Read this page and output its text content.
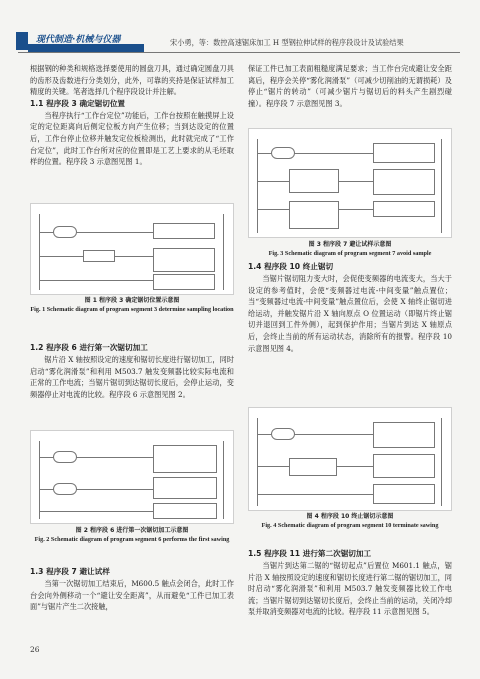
现代制造·机械与仪器	宋小勇，等：数控高速锯床加工 H 型钢拉伸试样的程序段设计及试验结果

根据钢的种类和规格选择要使用的圆盘刀具，通过确定圆盘刀具的齿形及齿数进行分类划分，此外，可靠的夹持是保证试样加工精度的关键。笔者选择几个程序段设计并注解。

1.1 程序段 3 确定锯切位置

当程序执行“工作台定位”功能后，工作台按照在触摸屏上设定的定位距离向后侧定位板方向产生位移；当到达设定的位置后，工作台停止位移并触发定位板检测出，此时就完成了“工作台定位”，此时工作台所对应的位置即是工艺上要求的从毛坯取样的位置。程序段 3 示意图见图 1。

图 1 程序段 3 确定锯切位置示意图
Fig. 1 Schematic diagram of program segment 3 determine sampling location
1.2 程序段 6 进行第一次锯切加工

锯片沿 X 轴按照设定的速度和锯切长度进行锯切加工，同时启动“雾化润滑泵”和利用 M503.7 触发变频器比较实际电流和正常的工作电流；当锯片锯切到达锯切长度后，会停止运动，变频器停止对电流的比较。程序段 6 示意图见图 2。

图 2 程序段 6 进行第一次锯切加工示意图
Fig. 2 Schematic diagram of program segment 6 performs the first sawing
1.3 程序段 7 避让试样

当第一次锯切加工结束后，M600.5 触点会闭合，此时工作台会向外侧移动一个“避让安全距离”，从而避免“工件已加工表面”与锯片产生二次接触，

26

保证工件已加工表面粗糙度满足要求；当工作台完成避让安全距离后，程序会关停“雾化润滑泵”（可减少切削油的无谓损耗）及停止“锯片的转动”（可减少锯片与锯切后的料头产生剧烈碰撞）。程序段 7 示意图见图 3。

图 3 程序段 7 避让试样示意图
Fig. 3 Schematic diagram of program segment 7 avoid sample
1.4 程序段 10 终止锯切

当锯片锯切阻力变大时，会促使变频器的电流变大，当大于设定的参考值时，会使“变频器过电流-中间变量”触点置位；当“变频器过电流-中间变量”触点置位后，会使 X 轴终止锯切进给运动，并触发锯片沿 X 轴向原点 O 位置运动（即锯片终止锯切并退回到工件外侧），起到保护作用；当锯片到达 X 轴原点后，会终止当前的所有运动状态，消除所有的报警。程序段 10 示意图见图 4。

图 4 程序段 10 终止锯切示意图
Fig. 4 Schematic diagram of program segment 10 terminate sawing
1.5 程序段 11 进行第二次锯切加工

当锯片到达第二锯的“锯切起点”后置位 M601.1 触点，锯片沿 X 轴按照设定的速度和锯切长度进行第二锯的锯切加工，同时启动“雾化润滑泵”和利用 M503.7 触发变频器比较工作电流；当锯片锯切到达锯切长度后，会终止当前的运动，关闭冷却泵并取消变频器对电流的比较。程序段 11 示意图见图 5。
